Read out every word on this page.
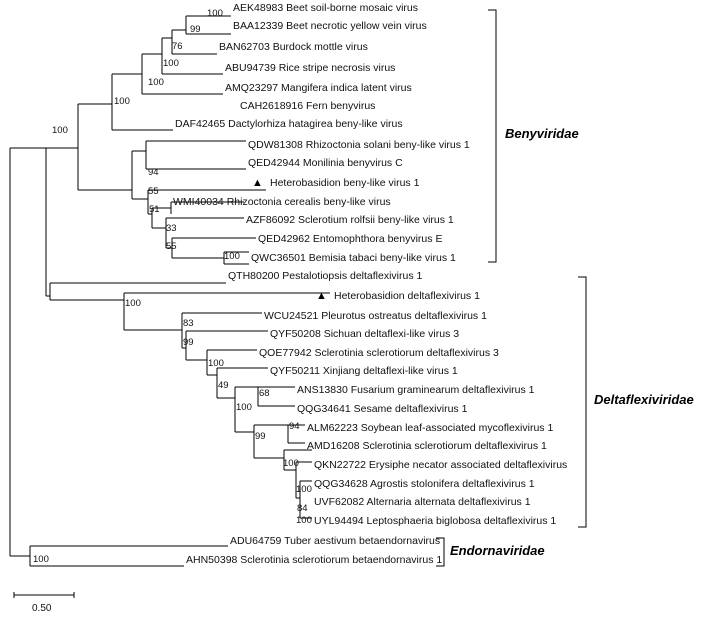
AEK48983 Beet soil-borne mosaic virus
BAA12339 Beet necrotic yellow vein virus
BAN62703 Burdock mottle virus
ABU94739 Rice stripe necrosis virus
AMQ23297 Mangifera indica latent virus
CAH2618916 Fern benyvirus
DAF42465 Dactylorhiza hatagirea beny-like virus
QDW81308 Rhizoctonia solani beny-like virus 1
QED42944 Monilinia benyvirus C
▲ Heterobasidion beny-like virus 1
WMI40034 Rhizoctonia cerealis beny-like virus
AZF86092 Sclerotium rolfsii beny-like virus 1
QED42962 Entomophthora benyvirus E
QWC36501 Bemisia tabaci beny-like virus 1
QTH80200 Pestalotiopsis deltaflexivirus 1
▲ Heterobasidion deltaflexivirus 1
WCU24521 Pleurotus ostreatus deltaflexivirus 1
QYF50208 Sichuan deltaflexi-like virus 3
QOE77942 Sclerotinia sclerotiorum deltaflexivirus 3
QYF50211 Xinjiang deltaflexi-like virus 1
ANS13830 Fusarium graminearum deltaflexivirus 1
QQG34641 Sesame deltaflexivirus 1
ALM62223 Soybean leaf-associated mycoflexivirus 1
AMD16208 Sclerotinia sclerotiorum deltaflexivirus 1
QKN22722 Erysiphe necator associated deltaflexivirus
QQG34628 Agrostis stolonifera deltaflexivirus 1
UVF62082 Alternaria alternata deltaflexivirus 1
UYL94494 Leptosphaeria biglobosa deltaflexivirus 1
ADU64759 Tuber aestivum betaendornavirus
AHN50398 Sclerotinia sclerotiorum betaendornavirus 1
100
99
76
100
100
100
100
94
55
51
33
55
100
100
83
99
100
49
68
100
99
94
100
100
84
100
100
Benyviridae
Deltaflexiviridae
Endornaviridae
0.50
